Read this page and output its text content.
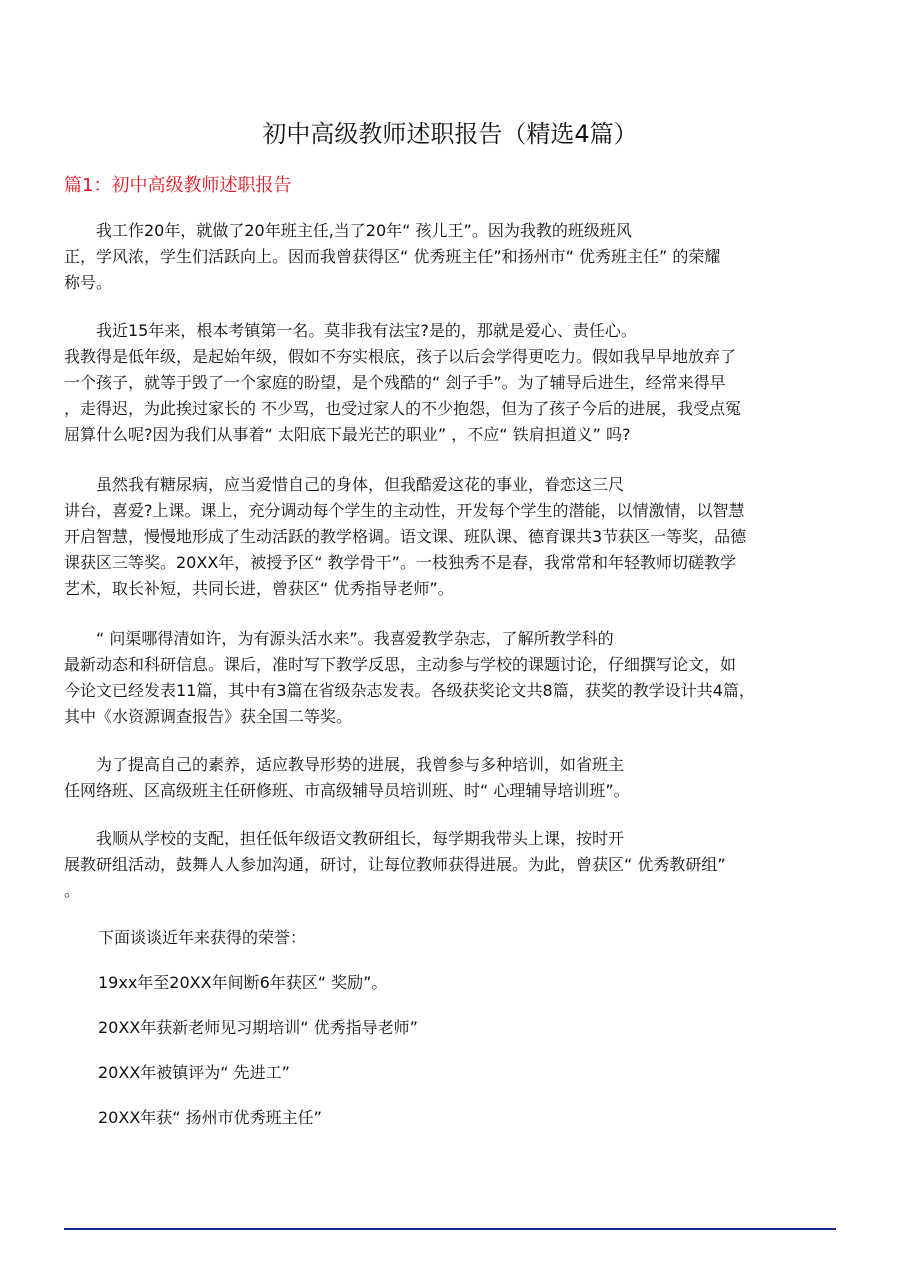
初中高级教师述职报告（精选4篇）
篇1：初中高级教师述职报告
我工作20年，就做了20年班主任,当了20年“ 孩儿王”。因为我教的班级班风
正，学风浓，学生们活跃向上。因而我曾获得区“ 优秀班主任”和扬州市“ 优秀班主任” 的荣耀
称号。
我近15年来，根本考镇第一名。莫非我有法宝?是的，那就是爱心、责任心。
我教得是低年级，是起始年级，假如不夯实根底，孩子以后会学得更吃力。假如我早早地放弃了
一个孩子，就等于毁了一个家庭的盼望，是个残酷的“ 刽子手”。为了辅导后进生，经常来得早
，走得迟，为此挨过家长的 不少骂，也受过家人的不少抱怨，但为了孩子今后的进展，我受点冤
屈算什么呢?因为我们从事着“ 太阳底下最光芒的职业” ，不应“ 铁肩担道义” 吗?
虽然我有糖尿病，应当爱惜自己的身体，但我酷爱这花的事业，眷恋这三尺
讲台，喜爱?上课。课上，充分调动每个学生的主动性，开发每个学生的潜能，以情激情，以智慧
开启智慧，慢慢地形成了生动活跃的教学格调。语文课、班队课、德育课共3节获区一等奖，品德
课获区三等奖。20XX年，被授予区“ 教学骨干”。一枝独秀不是春，我常常和年轻教师切磋教学
艺术，取长补短，共同长进，曾获区“ 优秀指导老师”。
“ 问渠哪得清如许，为有源头活水来”。我喜爱教学杂志，了解所教学科的
最新动态和科研信息。课后，准时写下教学反思，主动参与学校的课题讨论，仔细撰写论文，如
今论文已经发表11篇，其中有3篇在省级杂志发表。各级获奖论文共8篇，获奖的教学设计共4篇，
其中《水资源调查报告》获全国二等奖。
为了提高自己的素养，适应教导形势的进展，我曾参与多种培训，如省班主
任网络班、区高级班主任研修班、市高级辅导员培训班、时“ 心理辅导培训班”。
我顺从学校的支配，担任低年级语文教研组长，每学期我带头上课，按时开
展教研组活动，鼓舞人人参加沟通，研讨，让每位教师获得进展。为此，曾获区“ 优秀教研组”
。

下面谈谈近年来获得的荣誉：

19xx年至20XX年间断6年获区“ 奖励”。

20XX年获新老师见习期培训“ 优秀指导老师”

20XX年被镇评为“ 先进工”

20XX年获“ 扬州市优秀班主任”
